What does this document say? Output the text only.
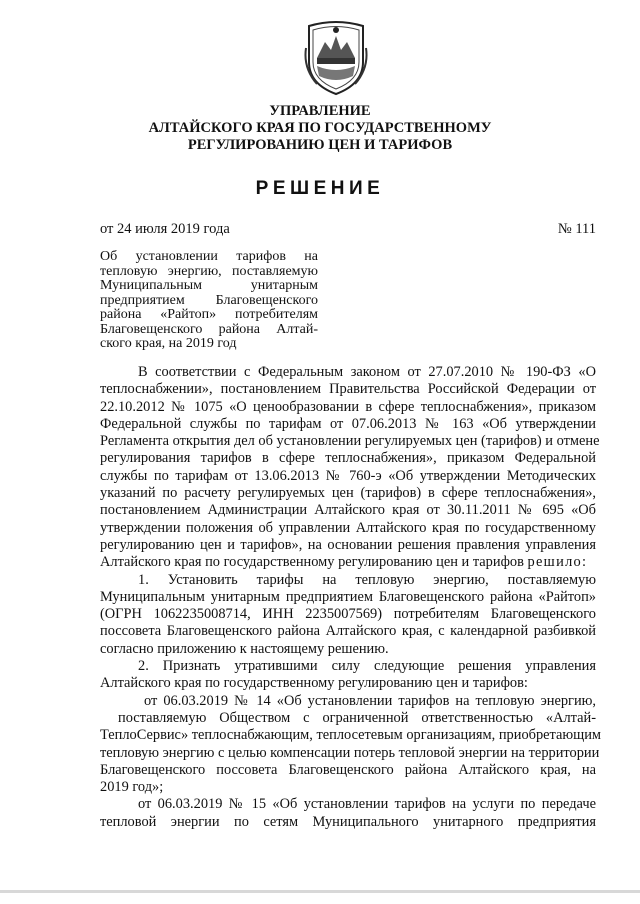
УПРАВЛЕНИЕ
АЛТАЙСКОГО КРАЯ ПО ГОСУДАРСТВЕННОМУ
РЕГУЛИРОВАНИЮ ЦЕН И ТАРИФОВ
РЕШЕНИЕ
от 24 июля 2019 года	№ 111
Об установлении тарифов на
тепловую энергию, поставляемую
Муниципальным унитарным
предприятием Благовещенского
района «Райтоп» потребителям
Благовещенского района Алтай-
ского края, на 2019 год
В соответствии с Федеральным законом от 27.07.2010 № 190-ФЗ «О
теплоснабжении», постановлением Правительства Российской Федерации от
22.10.2012 № 1075 «О ценообразовании в сфере теплоснабжения», приказом
Федеральной службы по тарифам от 07.06.2013 № 163 «Об утверждении
Регламента открытия дел об установлении регулируемых цен (тарифов) и отмене
регулирования тарифов в сфере теплоснабжения», приказом Федеральной
службы по тарифам от 13.06.2013 № 760-э «Об утверждении Методических
указаний по расчету регулируемых цен (тарифов) в сфере теплоснабжения»,
постановлением Администрации Алтайского края от 30.11.2011 № 695 «Об
утверждении положения об управлении Алтайского края по государственному
регулированию цен и тарифов», на основании решения правления управления
Алтайского края по государственному регулированию цен и тарифов решило:
1. Установить тарифы на тепловую энергию, поставляемую
Муниципальным унитарным предприятием Благовещенского района «Райтоп»
(ОГРН 1062235008714, ИНН 2235007569) потребителям Благовещенского
поссовета Благовещенского района Алтайского края, с календарной разбивкой
согласно приложению к настоящему решению.
2. Признать утратившими силу следующие решения управления
Алтайского края по государственному регулированию цен и тарифов:
от 06.03.2019 № 14 «Об установлении тарифов на тепловую энергию,
поставляемую Обществом с ограниченной ответственностью «Алтай-
ТеплоСервис» теплоснабжающим, теплосетевым организациям, приобретающим
тепловую энергию с целью компенсации потерь тепловой энергии на территории
Благовещенского поссовета Благовещенского района Алтайского края, на
2019 год»;
от 06.03.2019 № 15 «Об установлении тарифов на услуги по передаче
тепловой энергии по сетям Муниципального унитарного предприятия
